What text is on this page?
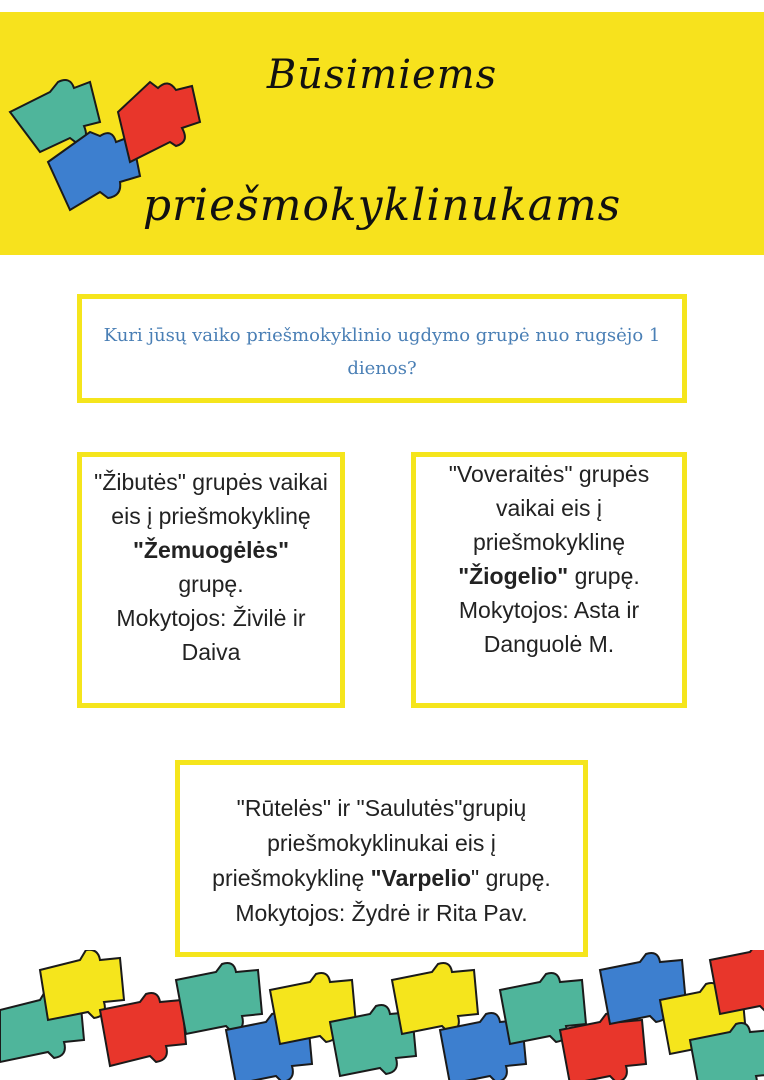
Būsimiems
priešmokyklinukams
Kuri jūsų vaiko priešmokyklinio ugdymo grupė nuo rugsėjo 1 dienos?
"Žibutės" grupės vaikai eis į priešmokyklinę
"Žemuogėlės"
grupę.
Mokytojos: Živilė ir Daiva
"Voveraitės" grupės vaikai eis į priešmokyklinę
"Žiogelio" grupę.
Mokytojos: Asta ir Danguolė M.
"Rūtelės" ir "Saulutės"grupių priešmokyklinukai eis į priešmokyklinę "Varpelio" grupę.
Mokytojos: Žydrė ir Rita Pav.
